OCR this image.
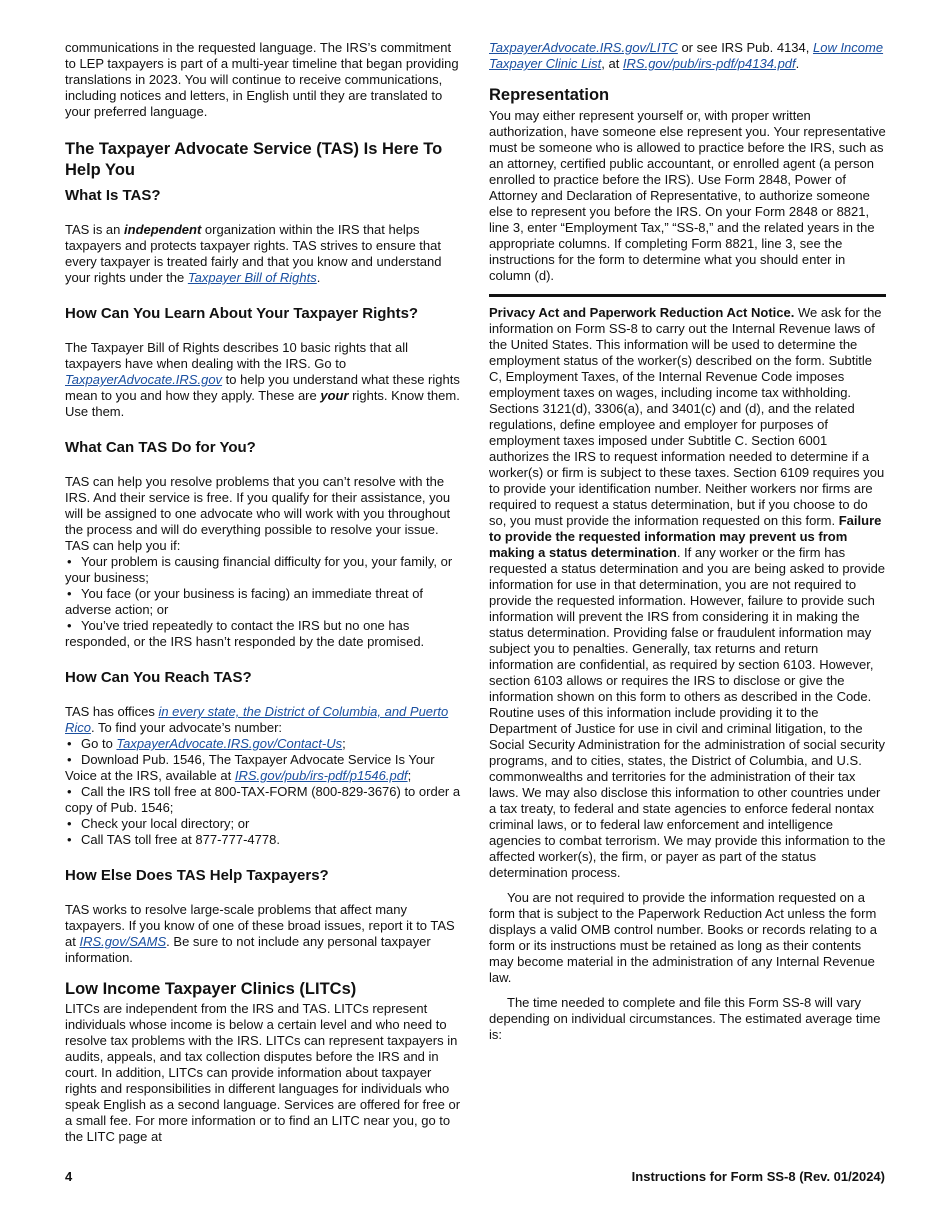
communications in the requested language. The IRS’s commitment to LEP taxpayers is part of a multi-year timeline that began providing translations in 2023. You will continue to receive communications, including notices and letters, in English until they are translated to your preferred language.

The Taxpayer Advocate Service (TAS) Is Here To Help You
What Is TAS?

TAS is an independent organization within the IRS that helps taxpayers and protects taxpayer rights. TAS strives to ensure that every taxpayer is treated fairly and that you know and understand your rights under the Taxpayer Bill of Rights.

How Can You Learn About Your Taxpayer Rights?

The Taxpayer Bill of Rights describes 10 basic rights that all taxpayers have when dealing with the IRS. Go to TaxpayerAdvocate.IRS.gov to help you understand what these rights mean to you and how they apply. These are your rights. Know them. Use them.

What Can TAS Do for You?

TAS can help you resolve problems that you can’t resolve with the IRS. And their service is free. If you qualify for their assistance, you will be assigned to one advocate who will work with you throughout the process and will do everything possible to resolve your issue. TAS can help you if:

• Your problem is causing financial difficulty for you, your family, or your business;
• You face (or your business is facing) an immediate threat of adverse action; or
• You’ve tried repeatedly to contact the IRS but no one has responded, or the IRS hasn’t responded by the date promised.
How Can You Reach TAS?

TAS has offices in every state, the District of Columbia, and Puerto Rico. To find your advocate’s number:

• Go to TaxpayerAdvocate.IRS.gov/Contact-Us;
• Download Pub. 1546, The Taxpayer Advocate Service Is Your Voice at the IRS, available at IRS.gov/pub/irs-pdf/p1546.pdf;
• Call the IRS toll free at 800-TAX-FORM (800-829-3676) to order a copy of Pub. 1546;
• Check your local directory; or
• Call TAS toll free at 877-777-4778.
How Else Does TAS Help Taxpayers?

TAS works to resolve large-scale problems that affect many taxpayers. If you know of one of these broad issues, report it to TAS at IRS.gov/SAMS. Be sure to not include any personal taxpayer information.

Low Income Taxpayer Clinics (LITCs)

LITCs are independent from the IRS and TAS. LITCs represent individuals whose income is below a certain level and who need to resolve tax problems with the IRS. LITCs can represent taxpayers in audits, appeals, and tax collection disputes before the IRS and in court. In addition, LITCs can provide information about taxpayer rights and responsibilities in different languages for individuals who speak English as a second language. Services are offered for free or a small fee. For more information or to find an LITC near you, go to the LITC page at

TaxpayerAdvocate.IRS.gov/LITC or see IRS Pub. 4134, Low Income Taxpayer Clinic List, at IRS.gov/pub/irs-pdf/p4134.pdf.

Representation

You may either represent yourself or, with proper written authorization, have someone else represent you. Your representative must be someone who is allowed to practice before the IRS, such as an attorney, certified public accountant, or enrolled agent (a person enrolled to practice before the IRS). Use Form 2848, Power of Attorney and Declaration of Representative, to authorize someone else to represent you before the IRS. On your Form 2848 or 8821, line 3, enter “Employment Tax,” “SS-8,” and the related years in the appropriate columns. If completing Form 8821, line 3, see the instructions for the form to determine what you should enter in column (d).

Privacy Act and Paperwork Reduction Act Notice. We ask for the information on Form SS-8 to carry out the Internal Revenue laws of the United States. This information will be used to determine the employment status of the worker(s) described on the form. Subtitle C, Employment Taxes, of the Internal Revenue Code imposes employment taxes on wages, including income tax withholding. Sections 3121(d), 3306(a), and 3401(c) and (d), and the related regulations, define employee and employer for purposes of employment taxes imposed under Subtitle C. Section 6001 authorizes the IRS to request information needed to determine if a worker(s) or firm is subject to these taxes. Section 6109 requires you to provide your identification number. Neither workers nor firms are required to request a status determination, but if you choose to do so, you must provide the information requested on this form. Failure to provide the requested information may prevent us from making a status determination. If any worker or the firm has requested a status determination and you are being asked to provide information for use in that determination, you are not required to provide the requested information. However, failure to provide such information will prevent the IRS from considering it in making the status determination. Providing false or fraudulent information may subject you to penalties. Generally, tax returns and return information are confidential, as required by section 6103. However, section 6103 allows or requires the IRS to disclose or give the information shown on this form to others as described in the Code. Routine uses of this information include providing it to the Department of Justice for use in civil and criminal litigation, to the Social Security Administration for the administration of social security programs, and to cities, states, the District of Columbia, and U.S. commonwealths and territories for the administration of their tax laws. We may also disclose this information to other countries under a tax treaty, to federal and state agencies to enforce federal nontax criminal laws, or to federal law enforcement and intelligence agencies to combat terrorism. We may provide this information to the affected worker(s), the firm, or payer as part of the status determination process.

You are not required to provide the information requested on a form that is subject to the Paperwork Reduction Act unless the form displays a valid OMB control number. Books or records relating to a form or its instructions must be retained as long as their contents may become material in the administration of any Internal Revenue law.

The time needed to complete and file this Form SS-8 will vary depending on individual circumstances. The estimated average time is:

4	Instructions for Form SS-8 (Rev. 01/2024)
